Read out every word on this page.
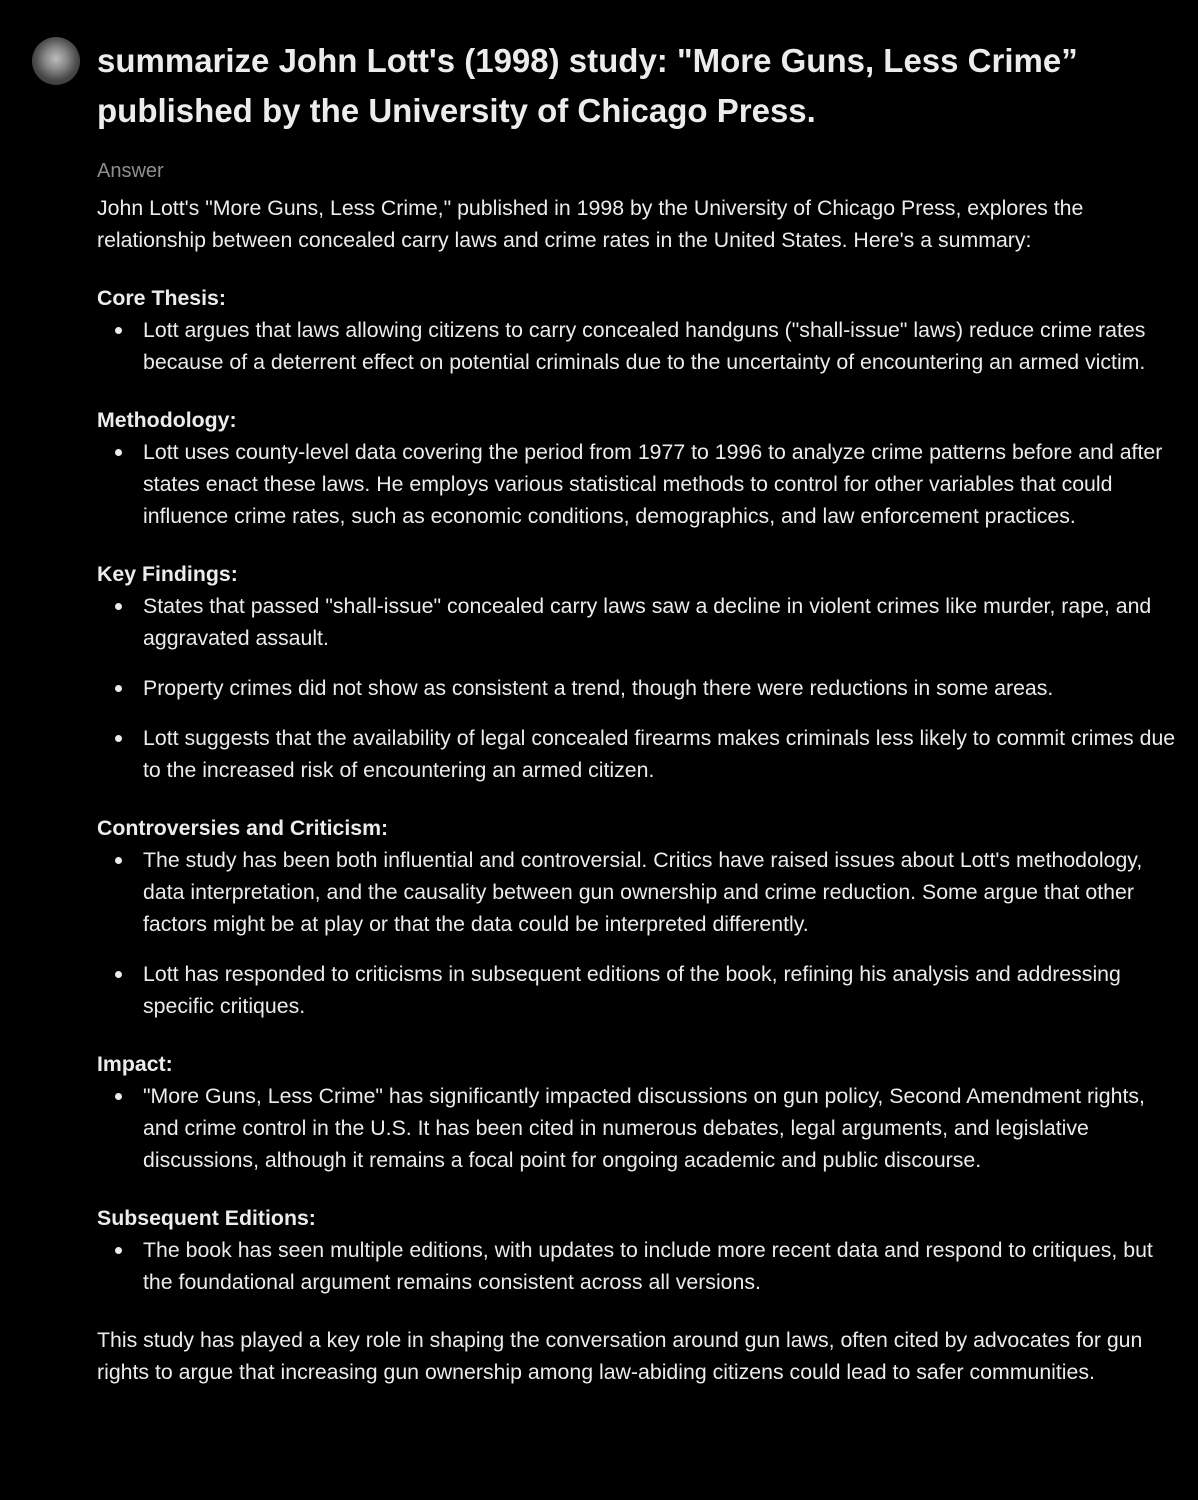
summarize John Lott's (1998) study: "More Guns, Less Crime” published by the University of Chicago Press.
Answer

John Lott's "More Guns, Less Crime," published in 1998 by the University of Chicago Press, explores the relationship between concealed carry laws and crime rates in the United States. Here's a summary:

Core Thesis:
Lott argues that laws allowing citizens to carry concealed handguns ("shall-issue" laws) reduce crime rates because of a deterrent effect on potential criminals due to the uncertainty of encountering an armed victim.
Methodology:
Lott uses county-level data covering the period from 1977 to 1996 to analyze crime patterns before and after states enact these laws. He employs various statistical methods to control for other variables that could influence crime rates, such as economic conditions, demographics, and law enforcement practices.
Key Findings:
States that passed "shall-issue" concealed carry laws saw a decline in violent crimes like murder, rape, and aggravated assault.
Property crimes did not show as consistent a trend, though there were reductions in some areas.
Lott suggests that the availability of legal concealed firearms makes criminals less likely to commit crimes due to the increased risk of encountering an armed citizen.
Controversies and Criticism:
The study has been both influential and controversial. Critics have raised issues about Lott's methodology, data interpretation, and the causality between gun ownership and crime reduction. Some argue that other factors might be at play or that the data could be interpreted differently.
Lott has responded to criticisms in subsequent editions of the book, refining his analysis and addressing specific critiques.
Impact:
"More Guns, Less Crime" has significantly impacted discussions on gun policy, Second Amendment rights, and crime control in the U.S. It has been cited in numerous debates, legal arguments, and legislative discussions, although it remains a focal point for ongoing academic and public discourse.
Subsequent Editions:
The book has seen multiple editions, with updates to include more recent data and respond to critiques, but the foundational argument remains consistent across all versions.

This study has played a key role in shaping the conversation around gun laws, often cited by advocates for gun rights to argue that increasing gun ownership among law-abiding citizens could lead to safer communities.
